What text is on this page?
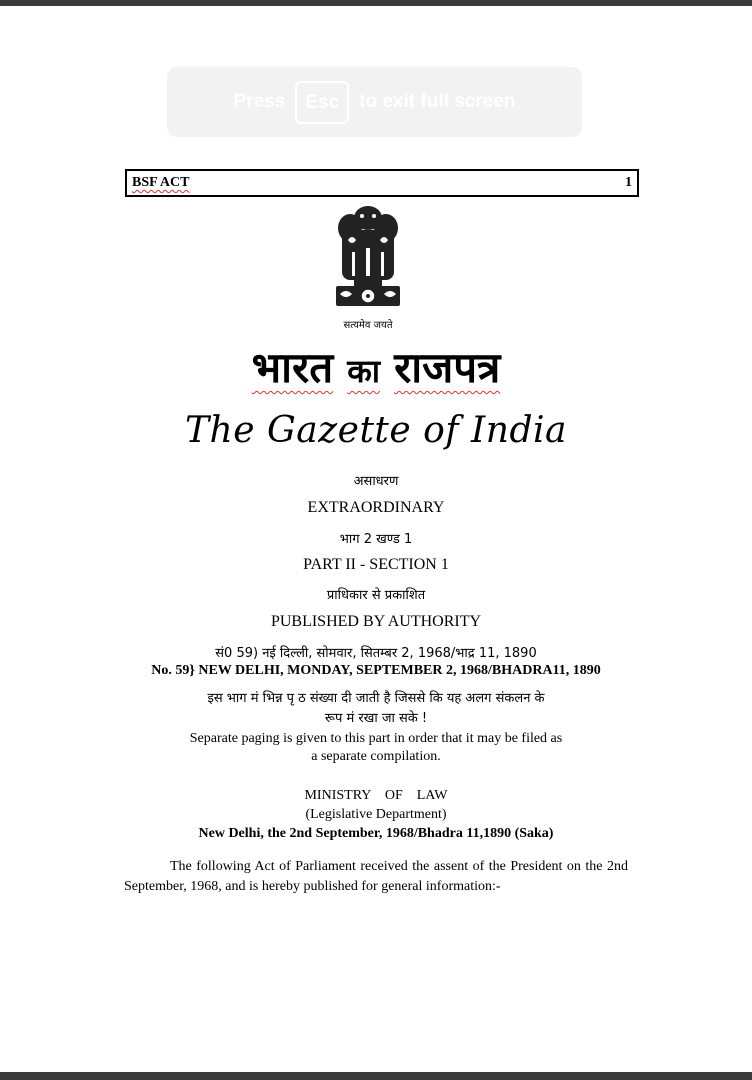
Press	Esc	to exit full screen
BSF ACT	1
सत्यमेव जयते
भारत का राजपत्र
The Gazette of India
असाधरण
EXTRAORDINARY
भाग 2 खण्ड 1
PART II - SECTION 1
प्राधिकार से प्रकाशित
PUBLISHED BY AUTHORITY
सं0 59) नई दिल्ली, सोमवार, सितम्बर 2, 1968/भाद्र 11, 1890
No. 59} NEW DELHI, MONDAY, SEPTEMBER 2, 1968/BHADRA11, 1890
इस भाग मं भिन्न पृ ठ संख्या दी जाती है जिससे कि यह अलग संकलन के
रूप मं रखा जा सके !
Separate paging is given to this part in order that it may be filed as
a separate compilation.
MINISTRY    OF    LAW
(Legislative Department)
New Delhi, the 2nd September, 1968/Bhadra 11,1890 (Saka)
The following Act of Parliament received the assent of the President on the 2nd September, 1968, and is hereby published for general information:-
